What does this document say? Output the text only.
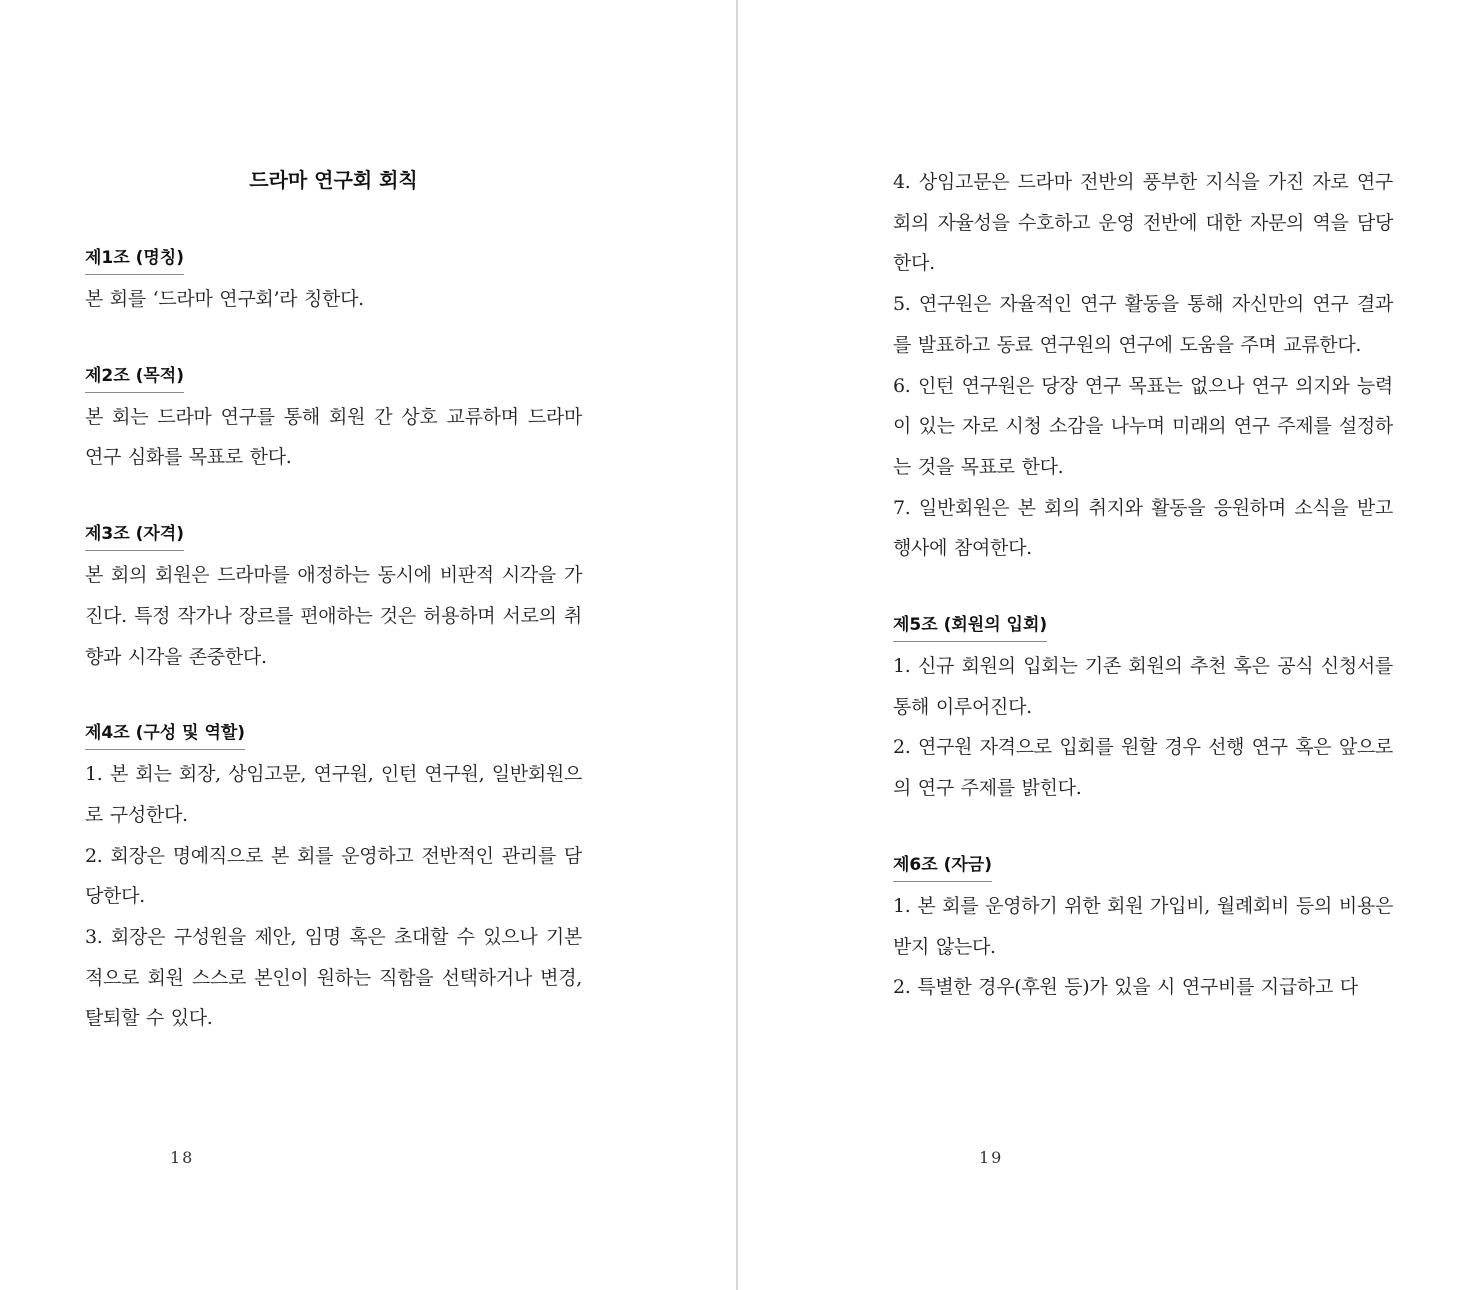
드라마 연구회 회칙
제1조 (명칭)

본 회를 ‘드라마 연구회’라 칭한다.

제2조 (목적)

본 회는 드라마 연구를 통해 회원 간 상호 교류하며 드라마 연구 심화를 목표로 한다.

제3조 (자격)

본 회의 회원은 드라마를 애정하는 동시에 비판적 시각을 가진다. 특정 작가나 장르를 편애하는 것은 허용하며 서로의 취향과 시각을 존중한다.

제4조 (구성 및 역할)

1. 본 회는 회장, 상임고문, 연구원, 인턴 연구원, 일반회원으로 구성한다.

2. 회장은 명예직으로 본 회를 운영하고 전반적인 관리를 담당한다.

3. 회장은 구성원을 제안, 임명 혹은 초대할 수 있으나 기본적으로 회원 스스로 본인이 원하는 직함을 선택하거나 변경, 탈퇴할 수 있다.

18

4. 상임고문은 드라마 전반의 풍부한 지식을 가진 자로 연구회의 자율성을 수호하고 운영 전반에 대한 자문의 역을 담당한다.

5. 연구원은 자율적인 연구 활동을 통해 자신만의 연구 결과를 발표하고 동료 연구원의 연구에 도움을 주며 교류한다.

6. 인턴 연구원은 당장 연구 목표는 없으나 연구 의지와 능력이 있는 자로 시청 소감을 나누며 미래의 연구 주제를 설정하는 것을 목표로 한다.

7. 일반회원은 본 회의 취지와 활동을 응원하며 소식을 받고 행사에 참여한다.

제5조 (회원의 입회)

1. 신규 회원의 입회는 기존 회원의 추천 혹은 공식 신청서를 통해 이루어진다.

2. 연구원 자격으로 입회를 원할 경우 선행 연구 혹은 앞으로의 연구 주제를 밝힌다.

제6조 (자금)

1. 본 회를 운영하기 위한 회원 가입비, 월례회비 등의 비용은 받지 않는다.

2. 특별한 경우(후원 등)가 있을 시 연구비를 지급하고 다

19
